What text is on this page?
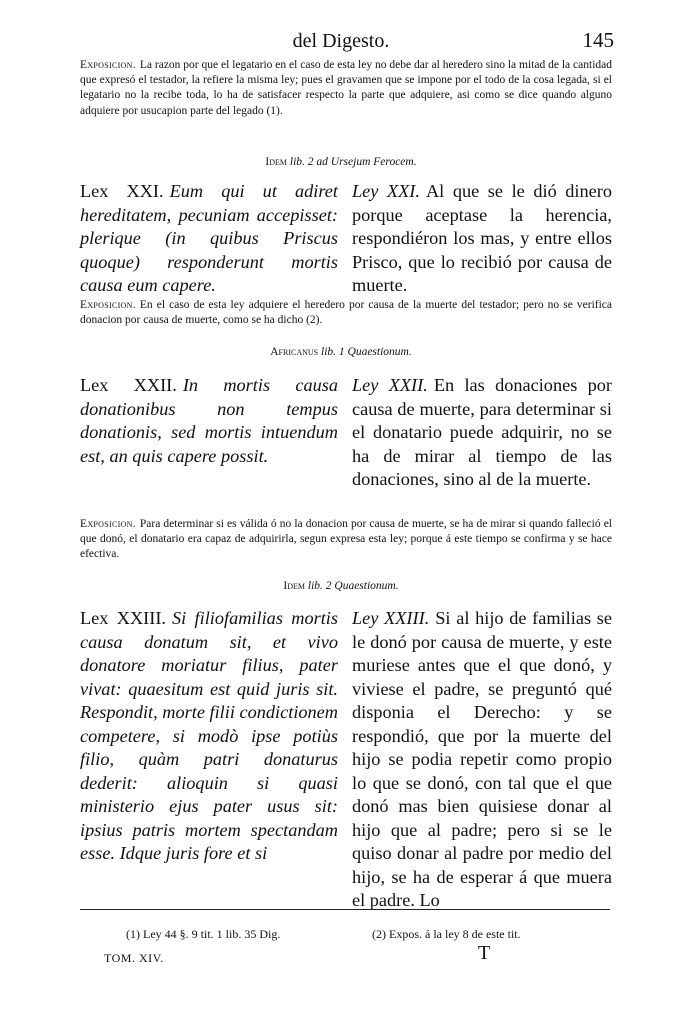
del Digesto.	145
Exposicion. La razon por que el legatario en el caso de esta ley no debe dar al heredero sino la mitad de la cantidad que expresó el testador, la refiere la misma ley; pues el gravamen que se impone por el todo de la cosa legada, si el legatario no la recibe toda, lo ha de satisfacer respecto la parte que adquiere, asi como se dice quando alguno adquiere por usucapion parte del legado (1).
Idem lib. 2 ad Ursejum Ferocem.
Lex XXI. Eum qui ut adiret hereditatem, pecuniam accepisset: plerique (in quibus Priscus quoque) responderunt mortis causa eum capere.
Ley XXI. Al que se le dió dinero porque aceptase la herencia, respondiéron los mas, y entre ellos Prisco, que lo recibió por causa de muerte.
Exposicion. En el caso de esta ley adquiere el heredero por causa de la muerte del testador; pero no se verifica donacion por causa de muerte, como se ha dicho (2).
Africanus lib. 1 Quaestionum.
Lex XXII. In mortis causa donationibus non tempus donationis, sed mortis intuendum est, an quis capere possit.
Ley XXII. En las donaciones por causa de muerte, para determinar si el donatario puede adquirir, no se ha de mirar al tiempo de las donaciones, sino al de la muerte.
Exposicion. Para determinar si es válida ó no la donacion por causa de muerte, se ha de mirar si quando falleció el que donó, el donatario era capaz de adquirirla, segun expresa esta ley; porque á este tiempo se confirma y se hace efectiva.
Idem lib. 2 Quaestionum.
Lex XXIII. Si filiofamilias mortis causa donatum sit, et vivo donatore moriatur filius, pater vivat: quaesitum est quid juris sit. Respondit, morte filii condictionem competere, si modò ipse potiùs filio, quàm patri donaturus dederit: alioquin si quasi ministerio ejus pater usus sit: ipsius patris mortem spectandam esse. Idque juris fore et si
Ley XXIII. Si al hijo de familias se le donó por causa de muerte, y este muriese antes que el que donó, y viviese el padre, se preguntó qué disponia el Derecho: y se respondió, que por la muerte del hijo se podia repetir como propio lo que se donó, con tal que el que donó mas bien quisiese donar al hijo que al padre; pero si se le quiso donar al padre por medio del hijo, se ha de esperar á que muera el padre. Lo
(1) Ley 44 §. 9 tit. 1 lib. 35 Dig.	(2) Expos. á la ley 8 de este tit.
TOM. XIV.	T
